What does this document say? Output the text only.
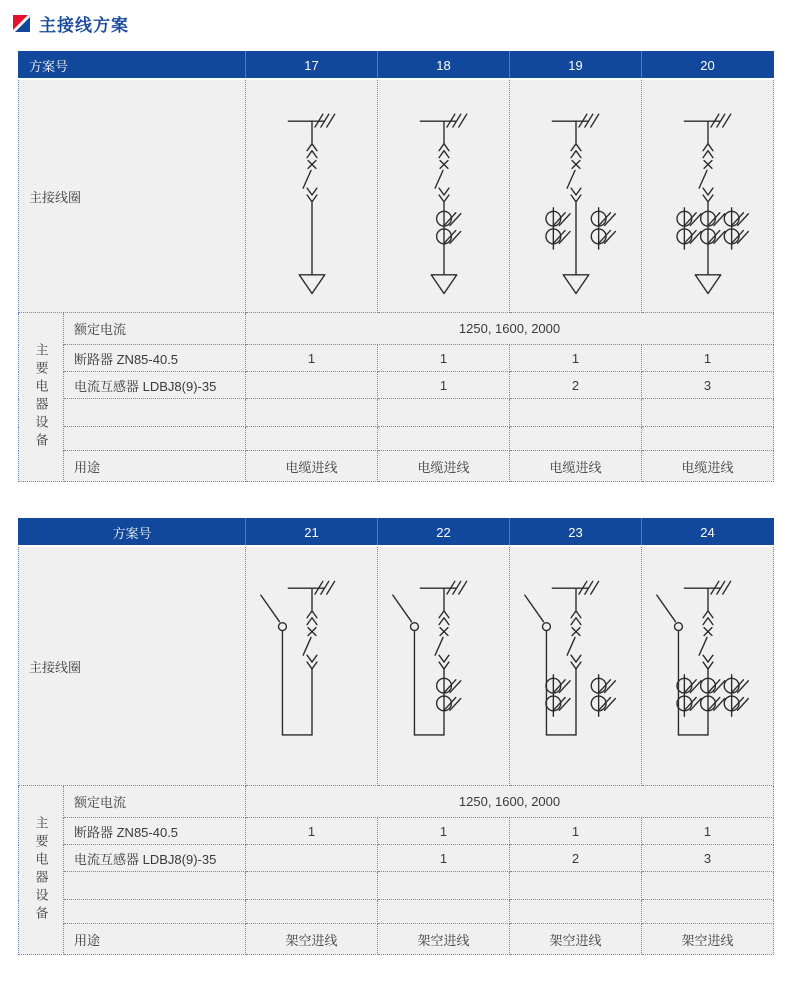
主接线方案
方案号		17	18	19	20
主接线圈	

主要电器设备	额定电流	1250, 1600, 2000			
	断路器 ZN85-40.5	1	1	1	1
	电流互感器 LDBJ8(9)-35		1	2	3

	用途	电缆进线	电缆进线	电缆进线	电缆进线
方案号		21	22	23	24
主接线圈	

主要电器设备	额定电流	1250, 1600, 2000			
	断路器 ZN85-40.5	1	1	1	1
	电流互感器 LDBJ8(9)-35		1	2	3

	用途	架空进线	架空进线	架空进线	架空进线
